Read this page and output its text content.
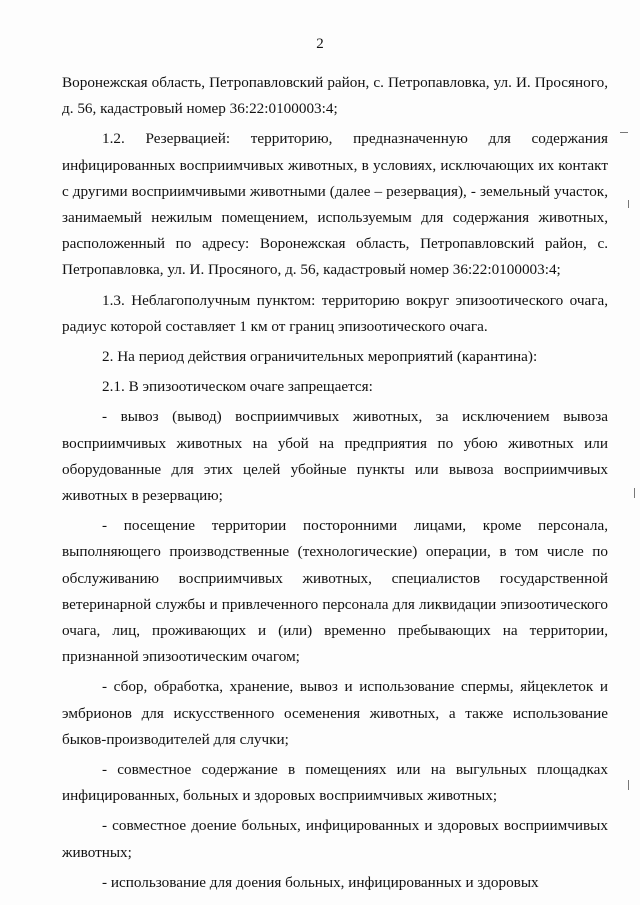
2

Воронежская область, Петропавловский район, с. Петропавловка, ул. И. Просяного, д. 56, кадастровый номер 36:22:0100003:4;

1.2. Резервацией: территорию, предназначенную для содержания инфицированных восприимчивых животных, в условиях, исключающих их контакт с другими восприимчивыми животными (далее – резервация), - земельный участок, занимаемый нежилым помещением, используемым для содержания животных, расположенный по адресу: Воронежская область, Петропавловский район, с. Петропавловка, ул. И. Просяного, д. 56, кадастровый номер 36:22:0100003:4;

1.3. Неблагополучным пунктом: территорию вокруг эпизоотического очага, радиус которой составляет 1 км от границ эпизоотического очага.

2. На период действия ограничительных мероприятий (карантина):

2.1. В эпизоотическом очаге запрещается:

- вывоз (вывод) восприимчивых животных, за исключением вывоза восприимчивых животных на убой на предприятия по убою животных или оборудованные для этих целей убойные пункты или вывоза восприимчивых животных в резервацию;

- посещение территории посторонними лицами, кроме персонала, выполняющего производственные (технологические) операции, в том числе по обслуживанию восприимчивых животных, специалистов государственной ветеринарной службы и привлеченного персонала для ликвидации эпизоотического очага, лиц, проживающих и (или) временно пребывающих на территории, признанной эпизоотическим очагом;

- сбор, обработка, хранение, вывоз и использование спермы, яйцеклеток и эмбрионов для искусственного осеменения животных, а также использование быков-производителей для случки;

- совместное содержание в помещениях или на выгульных площадках инфицированных, больных и здоровых восприимчивых животных;

- совместное доение больных, инфицированных и здоровых восприимчивых животных;

- использование для доения больных, инфицированных и здоровых
